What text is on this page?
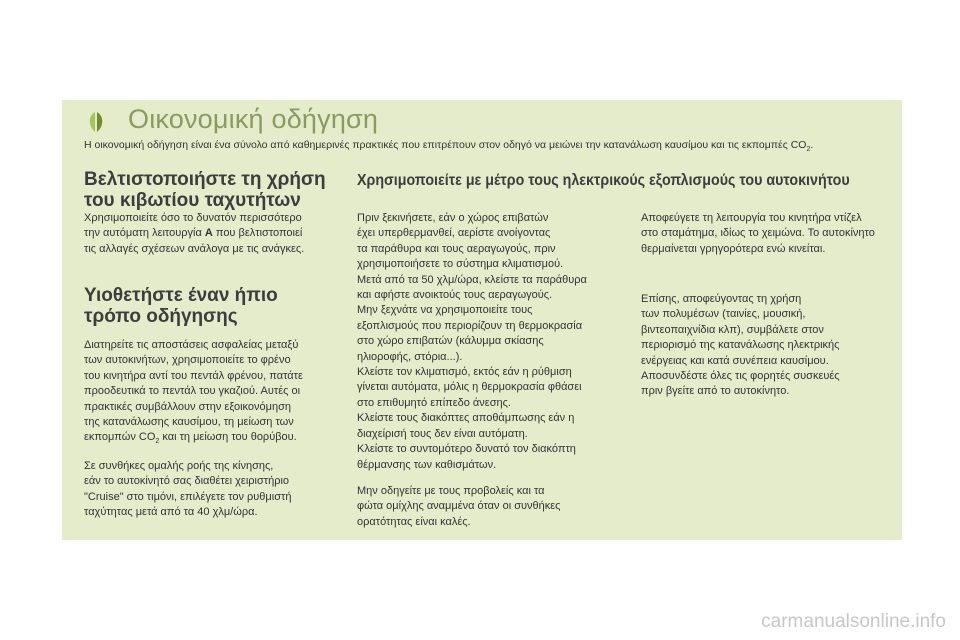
Οικονομική οδήγηση
Η οικονομική οδήγηση είναι ένα σύνολο από καθημερινές πρακτικές που επιτρέπουν στον οδηγό να μειώνει την κατανάλωση καυσίμου και τις εκπομπές $CO_2$.
Βελτιστοποιήστε τη χρήση
του κιβωτίου ταχυτήτων
Χρησιμοποιείτε όσο το δυνατόν περισσότερο
την αυτόματη λειτουργία A που βελτιστοποιεί
τις αλλαγές σχέσεων ανάλογα με τις ανάγκες.
Υιοθετήστε έναν ήπιο
τρόπο οδήγησης
Διατηρείτε τις αποστάσεις ασφαλείας μεταξύ
των αυτοκινήτων, χρησιμοποιείτε το φρένο
του κινητήρα αντί του πεντάλ φρένου, πατάτε
προοδευτικά το πεντάλ του γκαζιού. Αυτές οι
πρακτικές συμβάλλουν στην εξοικονόμηση
της κατανάλωσης καυσίμου, τη μείωση των
εκπομπών $CO_2$ και τη μείωση του θορύβου.
Σε συνθήκες ομαλής ροής της κίνησης,
εάν το αυτοκίνητό σας διαθέτει χειριστήριο
"Cruise" στο τιμόνι, επιλέγετε τον ρυθμιστή
ταχύτητας μετά από τα 40 χλμ/ώρα.
Χρησιμοποιείτε με μέτρο τους ηλεκτρικούς εξοπλισμούς του αυτοκινήτου
Πριν ξεκινήσετε, εάν ο χώρος επιβατών
έχει υπερθερμανθεί, αερίστε ανοίγοντας
τα παράθυρα και τους αεραγωγούς, πριν
χρησιμοποιήσετε το σύστημα κλιματισμού.
Μετά από τα 50 χλμ/ώρα, κλείστε τα παράθυρα
και αφήστε ανοικτούς τους αεραγωγούς.
Μην ξεχνάτε να χρησιμοποιείτε τους
εξοπλισμούς που περιορίζουν τη θερμοκρασία
στο χώρο επιβατών (κάλυμμα σκίασης
ηλιοροφής, στόρια...).
Κλείστε τον κλιματισμό, εκτός εάν η ρύθμιση
γίνεται αυτόματα, μόλις η θερμοκρασία φθάσει
στο επιθυμητό επίπεδο άνεσης.
Κλείστε τους διακόπτες αποθάμπωσης εάν η
διαχείρισή τους δεν είναι αυτόματη.
Κλείστε το συντομότερο δυνατό τον διακόπτη
θέρμανσης των καθισμάτων.
Μην οδηγείτε με τους προβολείς και τα
φώτα ομίχλης αναμμένα όταν οι συνθήκες
ορατότητας είναι καλές.
Αποφεύγετε τη λειτουργία του κινητήρα ντίζελ
στο σταμάτημα, ιδίως το χειμώνα. Το αυτοκίνητο
θερμαίνεται γρηγορότερα ενώ κινείται.
Επίσης, αποφεύγοντας τη χρήση
των πολυμέσων (ταινίες, μουσική,
βιντεοπαιχνίδια κλπ), συμβάλετε στον
περιορισμό της κατανάλωσης ηλεκτρικής
ενέργειας και κατά συνέπεια καυσίμου.
Αποσυνδέστε όλες τις φορητές συσκευές
πριν βγείτε από το αυτοκίνητο.
carmanualsonline.info
